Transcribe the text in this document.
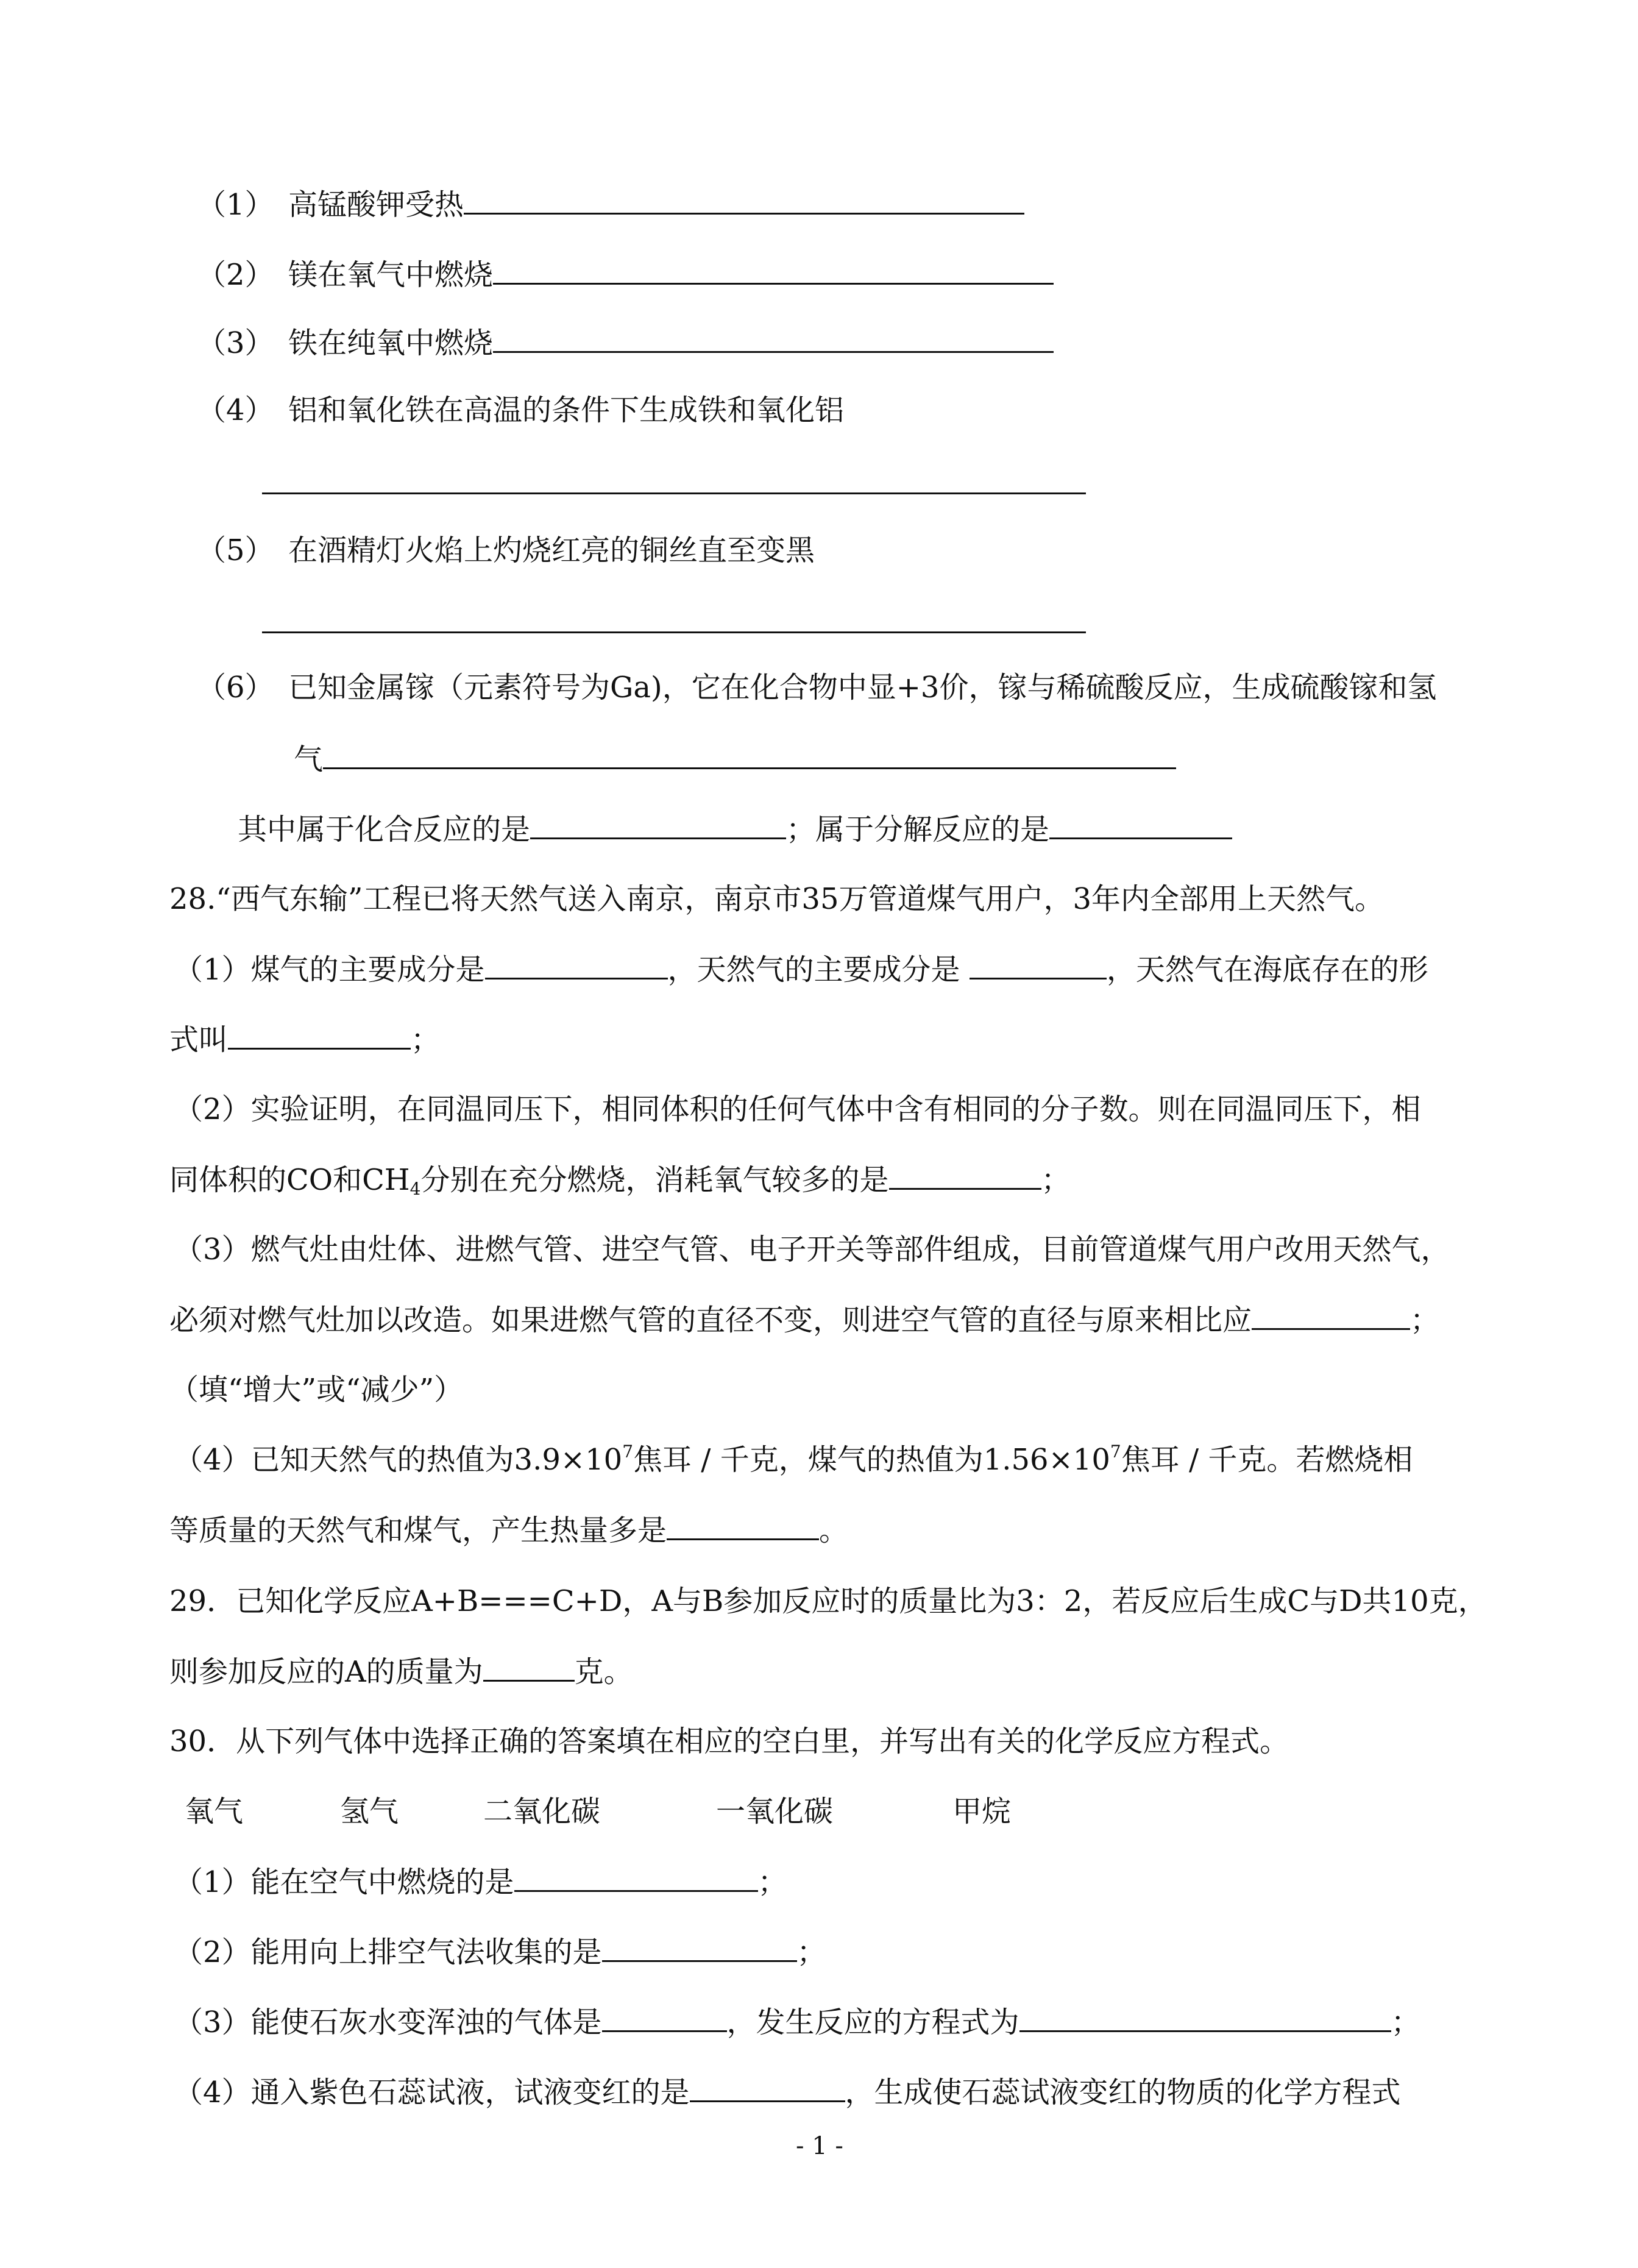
（1） 高锰酸钾受热
（2） 镁在氧气中燃烧
（3） 铁在纯氧中燃烧
（4） 铝和氧化铁在高温的条件下生成铁和氧化铝
（5） 在酒精灯火焰上灼烧红亮的铜丝直至变黑
（6） 已知金属镓（元素符号为Ga)，它在化合物中显+3价，镓与稀硫酸反应，生成硫酸镓和氢
气
其中属于化合反应的是	；属于分解反应的是
28.“西气东输”工程已将天然气送入南京，南京市35万管道煤气用户，3年内全部用上天然气。
（1）煤气的主要成分是	，天然气的主要成分是	，天然气在海底存在的形
式叫	；
（2）实验证明，在同温同压下，相同体积的任何气体中含有相同的分子数。则在同温同压下，相
同体积的CO和$CH_4$分别在充分燃烧，消耗氧气较多的是	；
（3）燃气灶由灶体、进燃气管、进空气管、电子开关等部件组成，目前管道煤气用户改用天然气，
必须对燃气灶加以改造。如果进燃气管的直径不变，则进空气管的直径与原来相比应	；
（填“增大”或“减少”）
（4）已知天然气的热值为$3.9\times 10^7$焦耳 / 千克，煤气的热值为$1.56\times 10^7$焦耳 / 千克。若燃烧相
等质量的天然气和煤气，产生热量多是	。
29．已知化学反应A+B===C+D，A与B参加反应时的质量比为3：2，若反应后生成C与D共10克，
则参加反应的A的质量为	克。
30．从下列气体中选择正确的答案填在相应的空白里，并写出有关的化学反应方程式。
氧气	氢气	二氧化碳	一氧化碳	甲烷
（1）能在空气中燃烧的是	；
（2）能用向上排空气法收集的是	；
（3）能使石灰水变浑浊的气体是	，发生反应的方程式为	；
（4）通入紫色石蕊试液，试液变红的是	，生成使石蕊试液变红的物质的化学方程式
- 1 -
